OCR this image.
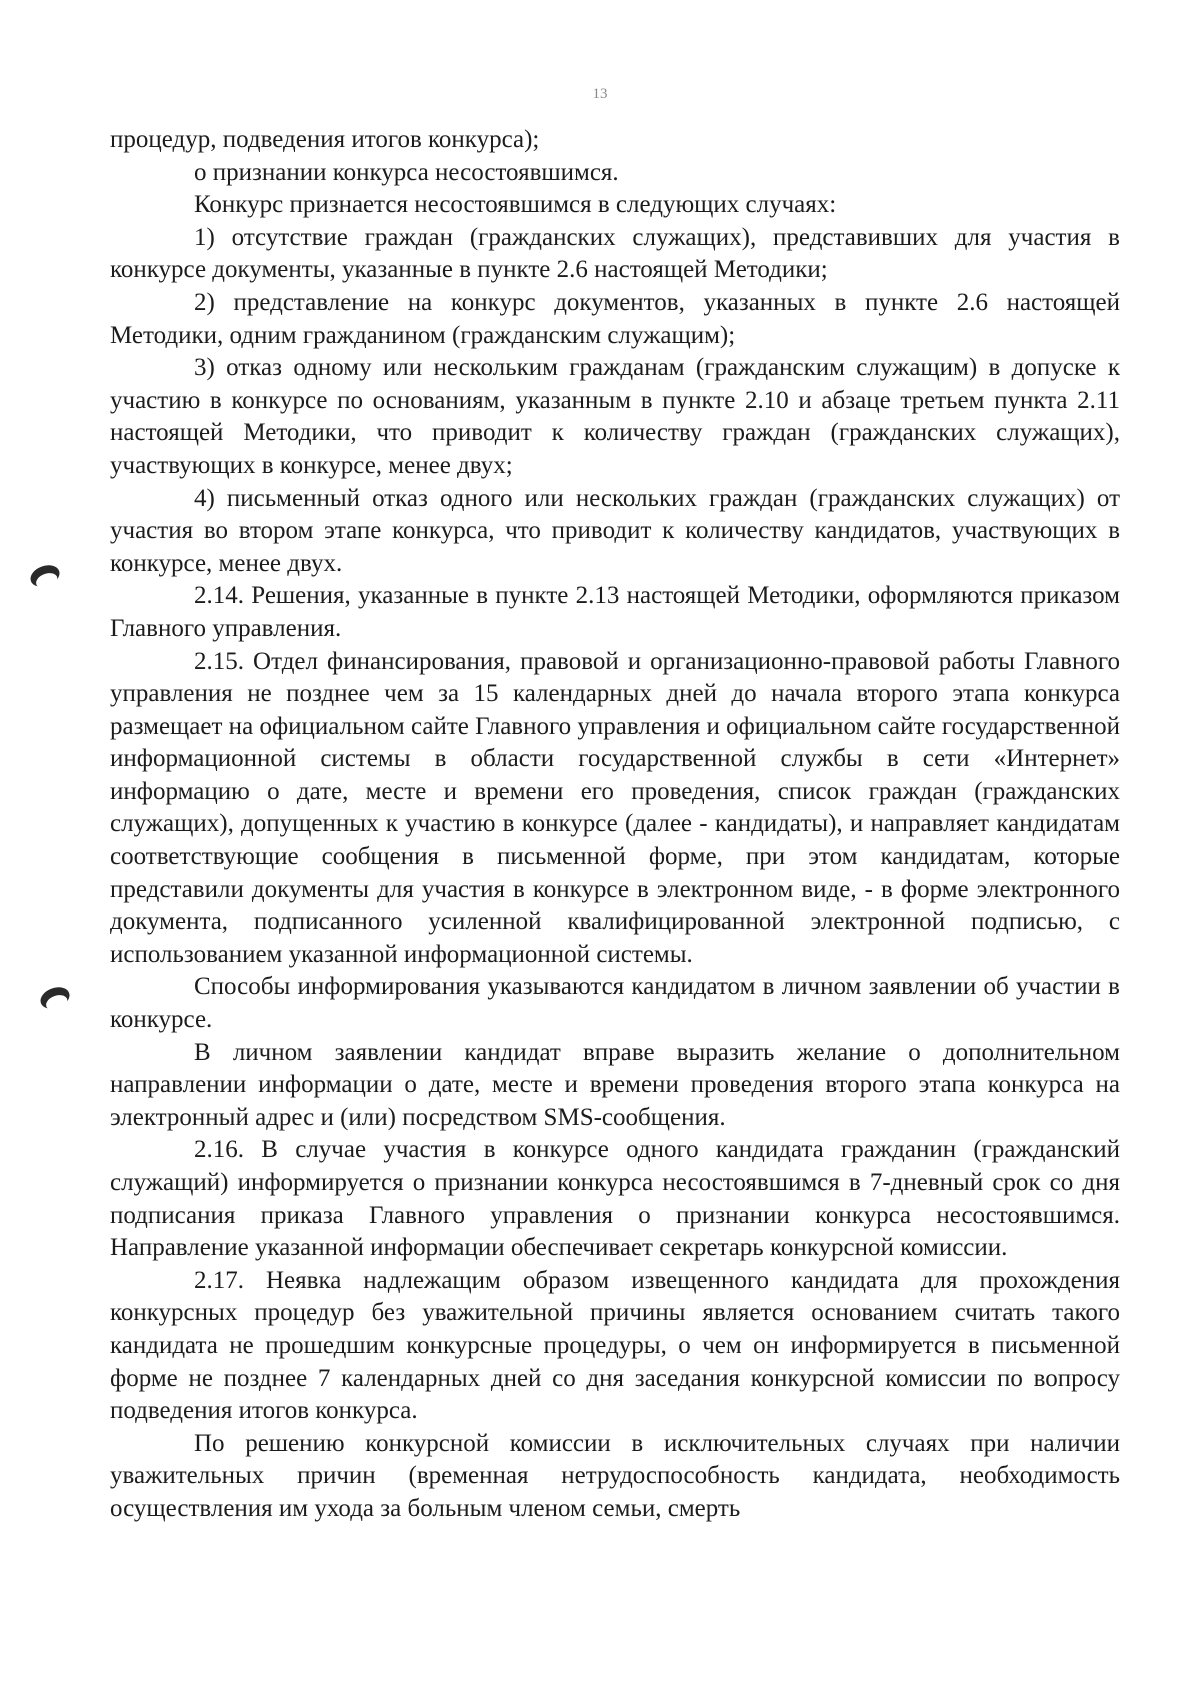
13

процедур, подведения итогов конкурса);

о признании конкурса несостоявшимся.

Конкурс признается несостоявшимся в следующих случаях:

1) отсутствие граждан (гражданских служащих), представивших для участия в конкурсе документы, указанные в пункте 2.6 настоящей Методики;

2) представление на конкурс документов, указанных в пункте 2.6 настоящей Методики, одним гражданином (гражданским служащим);

3) отказ одному или нескольким гражданам (гражданским служащим) в допуске к участию в конкурсе по основаниям, указанным в пункте 2.10 и абзаце третьем пункта 2.11 настоящей Методики, что приводит к количеству граждан (гражданских служащих), участвующих в конкурсе, менее двух;

4) письменный отказ одного или нескольких граждан (гражданских служащих) от участия во втором этапе конкурса, что приводит к количеству кандидатов, участвующих в конкурсе, менее двух.

2.14. Решения, указанные в пункте 2.13 настоящей Методики, оформляются приказом Главного управления.

2.15. Отдел финансирования, правовой и организационно-правовой работы Главного управления не позднее чем за 15 календарных дней до начала второго этапа конкурса размещает на официальном сайте Главного управления и официальном сайте государственной информационной системы в области государственной службы в сети «Интернет» информацию о дате, месте и времени его проведения, список граждан (гражданских служащих), допущенных к участию в конкурсе (далее - кандидаты), и направляет кандидатам соответствующие сообщения в письменной форме, при этом кандидатам, которые представили документы для участия в конкурсе в электронном виде, - в форме электронного документа, подписанного усиленной квалифицированной электронной подписью, с использованием указанной информационной системы.

Способы информирования указываются кандидатом в личном заявлении об участии в конкурсе.

В личном заявлении кандидат вправе выразить желание о дополнительном направлении информации о дате, месте и времени проведения второго этапа конкурса на электронный адрес и (или) посредством SMS-сообщения.

2.16. В случае участия в конкурсе одного кандидата гражданин (гражданский служащий) информируется о признании конкурса несостоявшимся в 7-дневный срок со дня подписания приказа Главного управления о признании конкурса несостоявшимся. Направление указанной информации обеспечивает секретарь конкурсной комиссии.

2.17. Неявка надлежащим образом извещенного кандидата для прохождения конкурсных процедур без уважительной причины является основанием считать такого кандидата не прошедшим конкурсные процедуры, о чем он информируется в письменной форме не позднее 7 календарных дней со дня заседания конкурсной комиссии по вопросу подведения итогов конкурса.

По решению конкурсной комиссии в исключительных случаях при наличии уважительных причин (временная нетрудоспособность кандидата, необходимость осуществления им ухода за больным членом семьи, смерть
